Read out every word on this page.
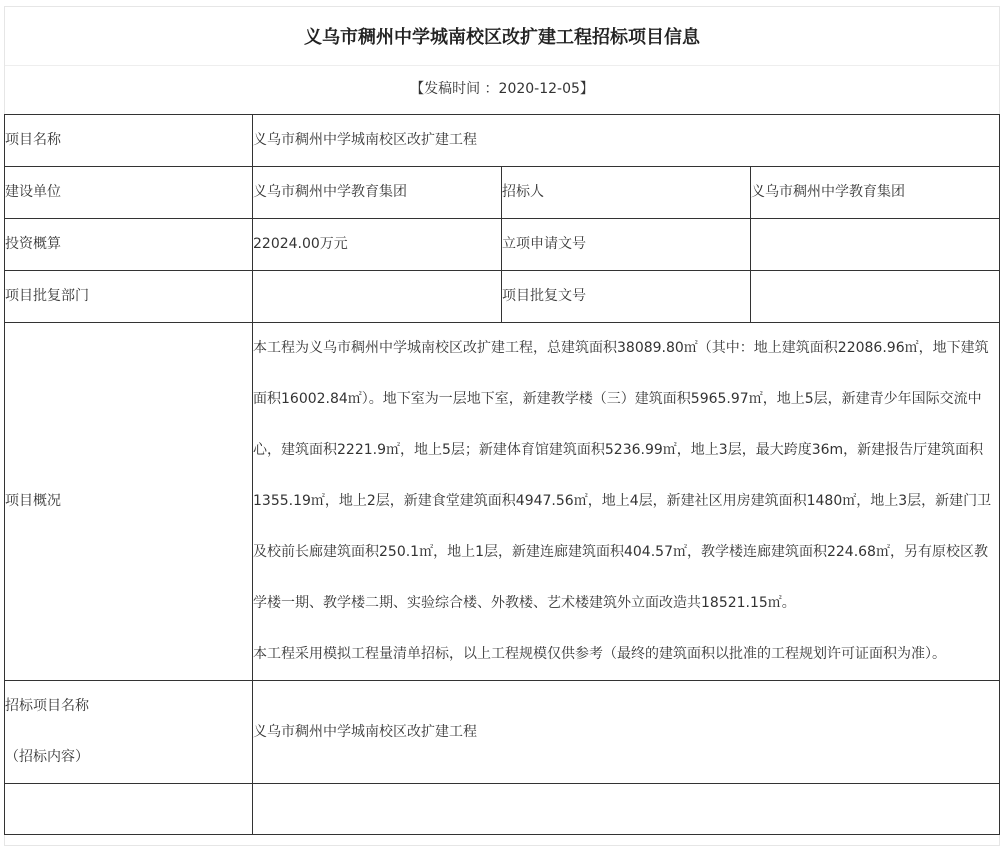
义乌市稠州中学城南校区改扩建工程招标项目信息
【发稿时间 ：2020-12-05】
项目名称	义乌市稠州中学城南校区改扩建工程		
建设单位	义乌市稠州中学教育集团	招标人	义乌市稠州中学教育集团
投资概算	22024.00万元	立项申请文号	
项目批复部门		项目批复文号	
项目概况	本工程为义乌市稠州中学城南校区改扩建工程，总建筑面积38089.80㎡（其中：地上建筑面积22086.96㎡，地下建筑面积16002.84㎡）。地下室为一层地下室，新建教学楼（三）建筑面积5965.97㎡，地上5层，新建青少年国际交流中心，建筑面积2221.9㎡，地上5层；新建体育馆建筑面积5236.99㎡，地上3层，最大跨度36m，新建报告厅建筑面积1355.19㎡，地上2层，新建食堂建筑面积4947.56㎡，地上4层，新建社区用房建筑面积1480㎡，地上3层，新建门卫及校前长廊建筑面积250.1㎡，地上1层，新建连廊建筑面积404.57㎡，教学楼连廊建筑面积224.68㎡，另有原校区教学楼一期、教学楼二期、实验综合楼、外教楼、艺术楼建筑外立面改造共18521.15㎡。

本工程采用模拟工程量清单招标，以上工程规模仅供参考（最终的建筑面积以批准的工程规划许可证面积为准）。		

招标项目名称
（招标内容）	义乌市稠州中学城南校区改扩建工程		
